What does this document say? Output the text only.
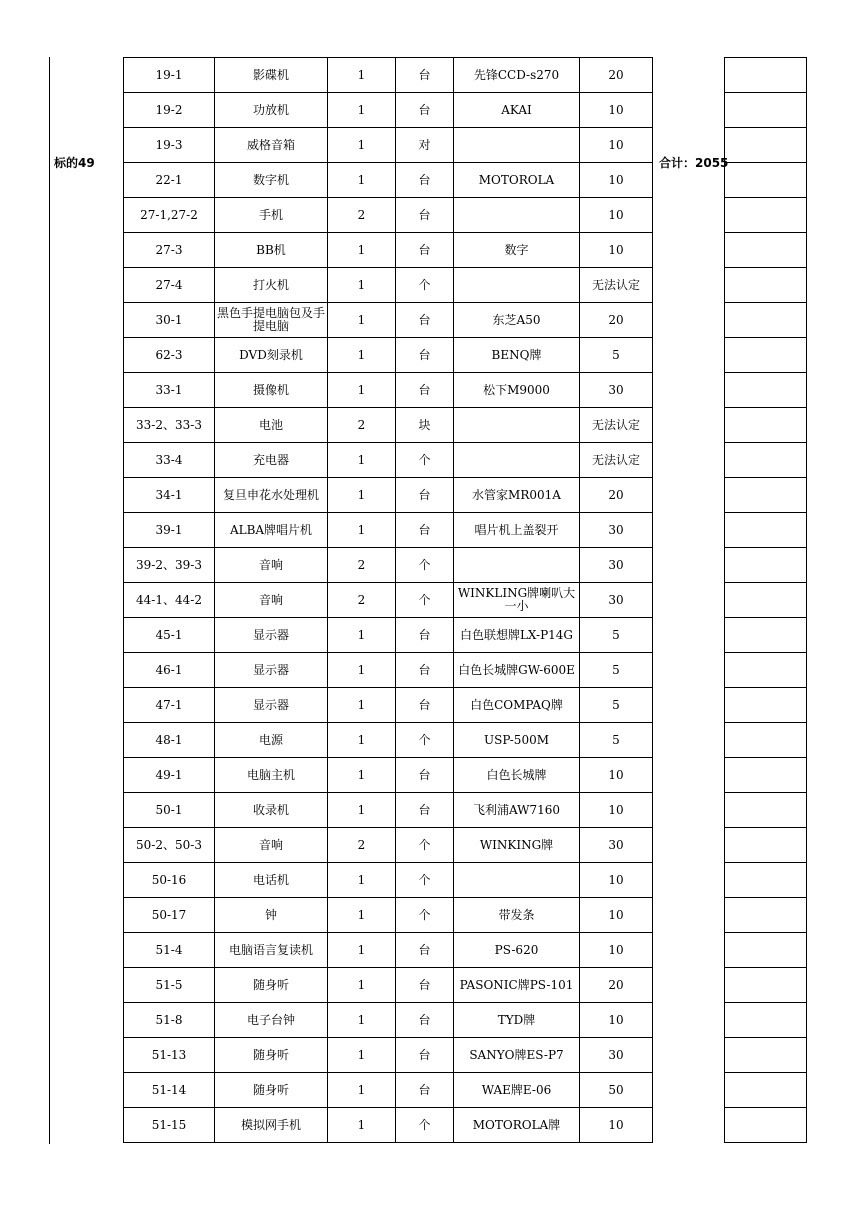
标的49	合计：2055
19-1	影碟机	1	台	先锋CCD-s270	20
19-2	功放机	1	台	AKAI	10
19-3	威格音箱	1	对		10
22-1	数字机	1	台	MOTOROLA	10
27-1,27-2	手机	2	台		10
27-3	BB机	1	台	数字	10
27-4	打火机	1	个		无法认定
30-1	黑色手提电脑包及手提电脑	1	台	东芝A50	20
62-3	DVD刻录机	1	台	BENQ牌	5
33-1	摄像机	1	台	松下M9000	30
33-2、33-3	电池	2	块		无法认定
33-4	充电器	1	个		无法认定
34-1	复旦申花水处理机	1	台	水管家MR001A	20
39-1	ALBA牌唱片机	1	台	唱片机上盖裂开	30
39-2、39-3	音响	2	个		30
44-1、44-2	音响	2	个	WINKLING牌喇叭大一小	30
45-1	显示器	1	台	白色联想牌LX-P14G	5
46-1	显示器	1	台	白色长城牌GW-600E	5
47-1	显示器	1	台	白色COMPAQ牌	5
48-1	电源	1	个	USP-500M	5
49-1	电脑主机	1	台	白色长城牌	10
50-1	收录机	1	台	飞利浦AW7160	10
50-2、50-3	音响	2	个	WINKING牌	30
50-16	电话机	1	个		10
50-17	钟	1	个	带发条	10
51-4	电脑语言复读机	1	台	PS-620	10
51-5	随身听	1	台	PASONIC牌PS-101	20
51-8	电子台钟	1	台	TYD牌	10
51-13	随身听	1	台	SANYO牌ES-P7	30
51-14	随身听	1	台	WAE牌E-06	50
51-15	模拟网手机	1	个	MOTOROLA牌	10
